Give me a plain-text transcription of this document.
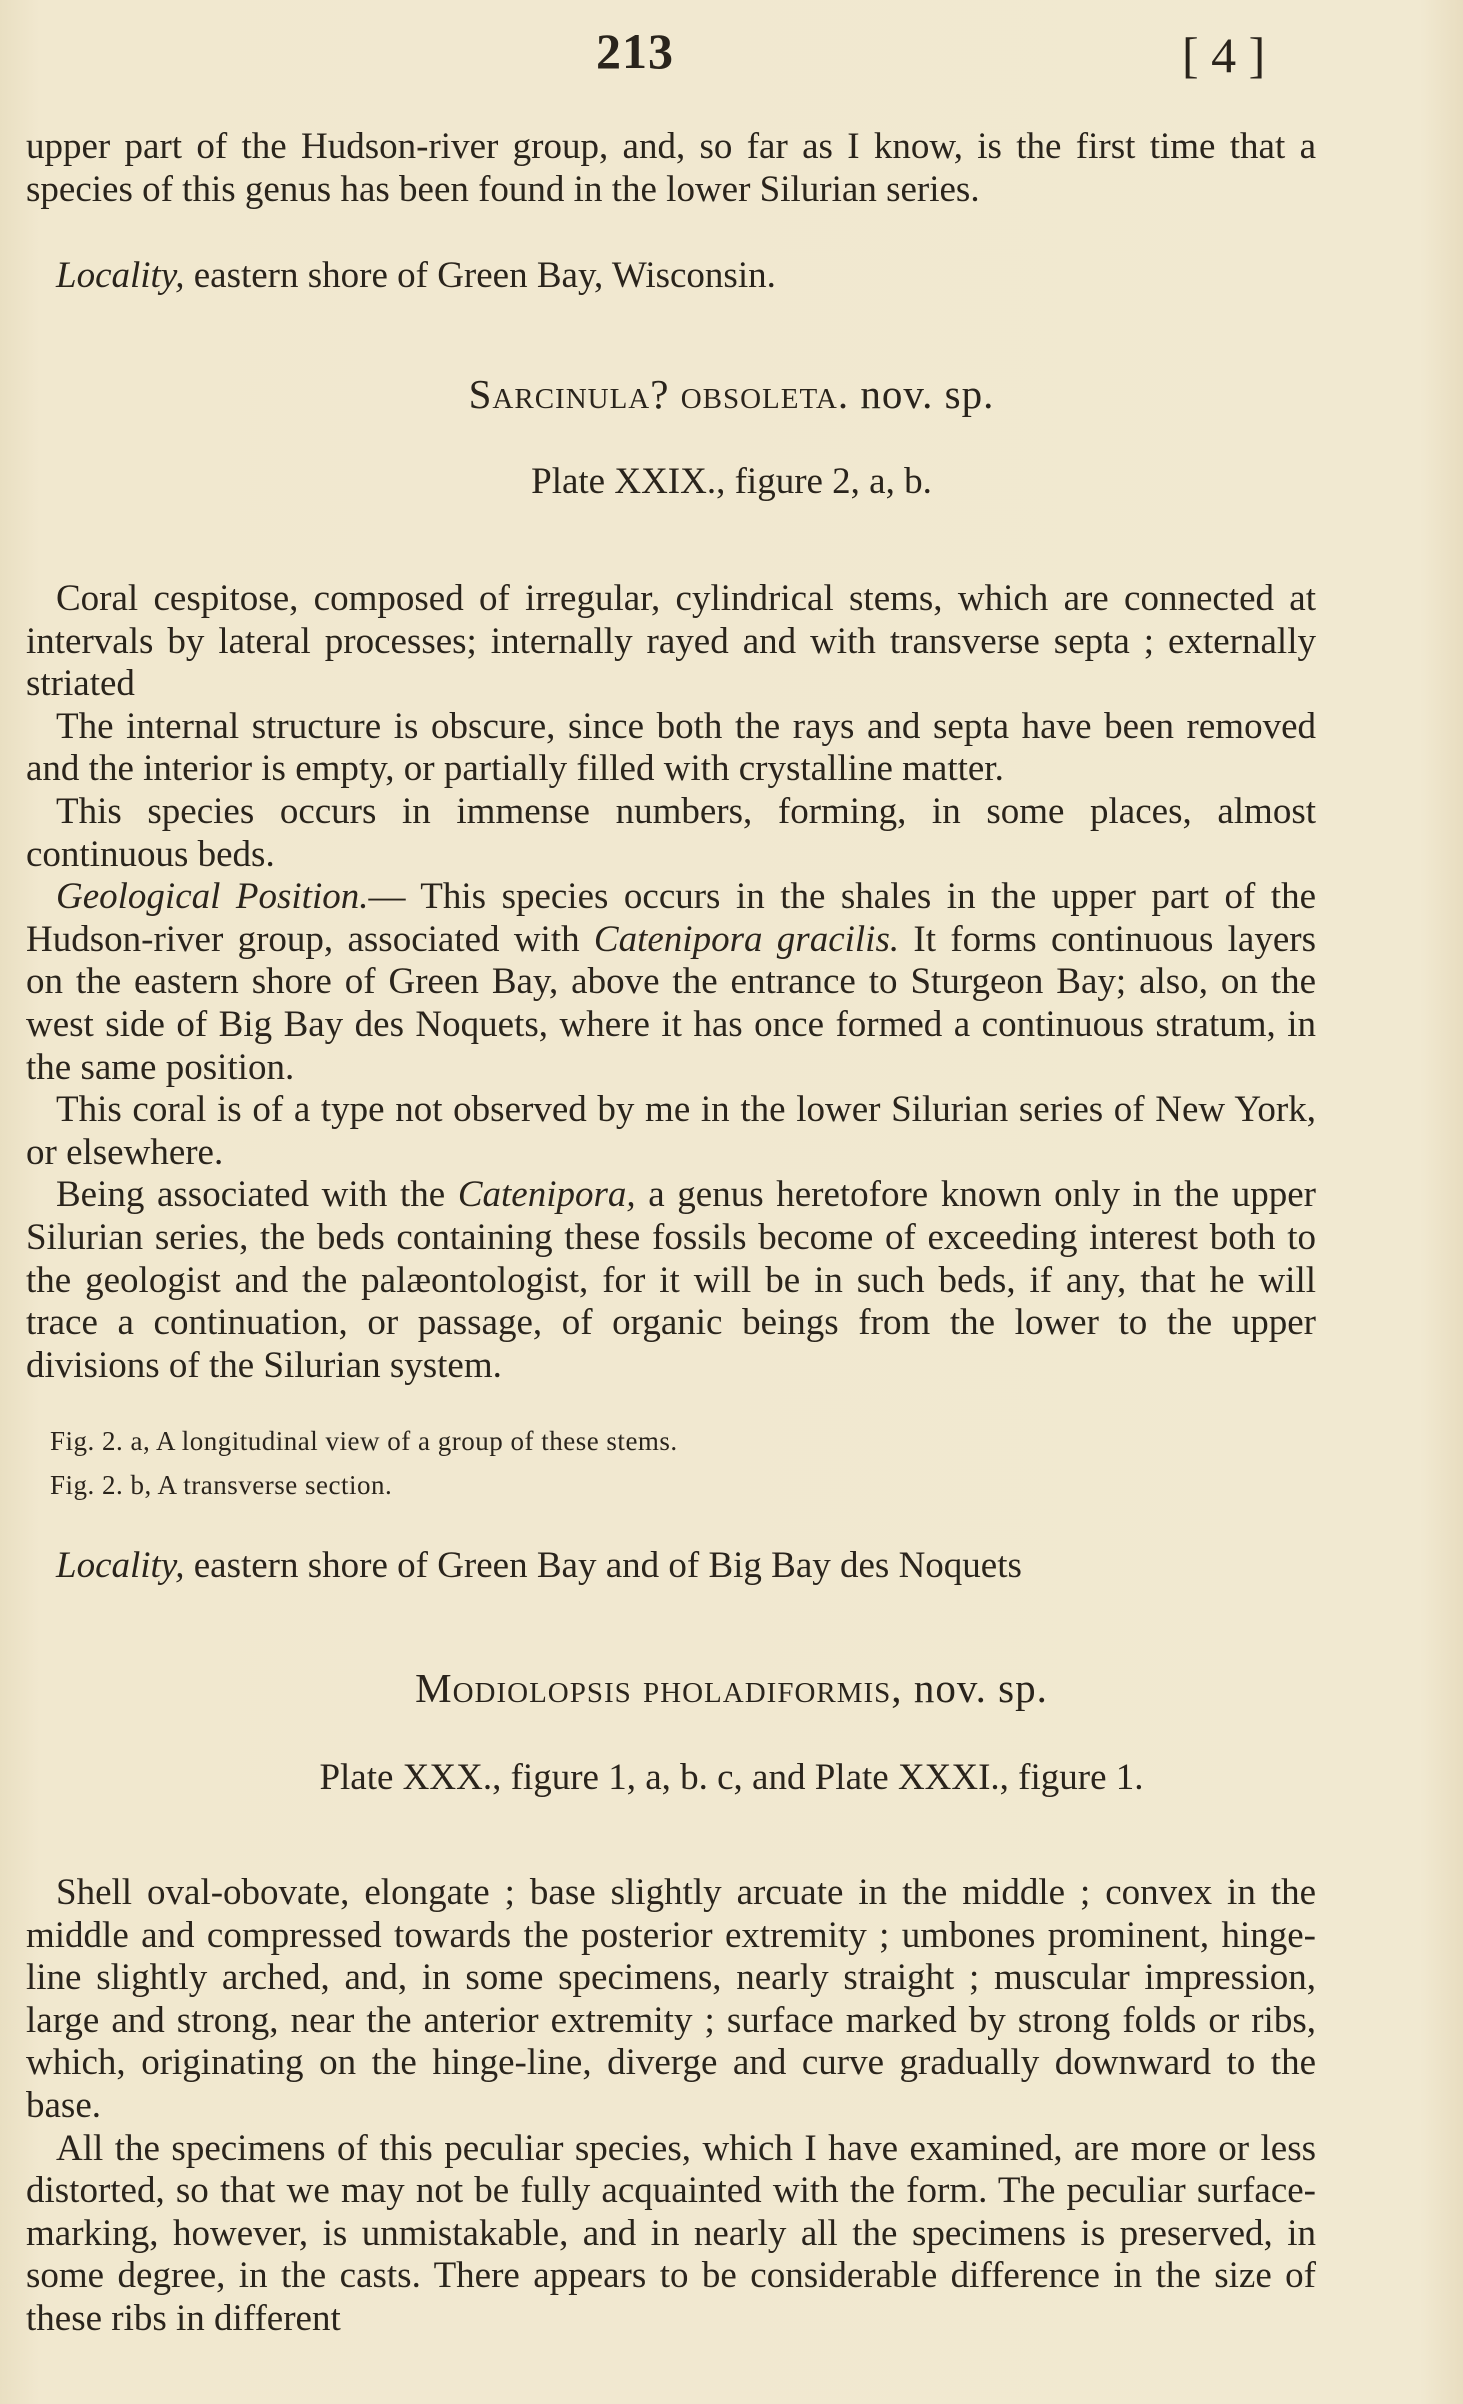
213	[ 4 ]

upper part of the Hudson-river group, and, so far as I know, is the first time that a species of this genus has been found in the lower Silurian series.

Locality, eastern shore of Green Bay, Wisconsin.

Sarcinula? obsoleta. nov. sp.
Plate XXIX., figure 2, a, b.

Coral cespitose, composed of irregular, cylindrical stems, which are connected at intervals by lateral processes; internally rayed and with transverse septa ; externally striated

The internal structure is obscure, since both the rays and septa have been removed and the interior is empty, or partially filled with crystalline matter.

This species occurs in immense numbers, forming, in some places, almost continuous beds.

Geological Position.— This species occurs in the shales in the upper part of the Hudson-river group, associated with Catenipora gracilis. It forms continuous layers on the eastern shore of Green Bay, above the entrance to Sturgeon Bay; also, on the west side of Big Bay des Noquets, where it has once formed a continuous stratum, in the same position.

This coral is of a type not observed by me in the lower Silurian series of New York, or elsewhere.

Being associated with the Catenipora, a genus heretofore known only in the upper Silurian series, the beds containing these fossils become of exceeding interest both to the geologist and the palæontologist, for it will be in such beds, if any, that he will trace a continuation, or passage, of organic beings from the lower to the upper divisions of the Silurian system.

Fig. 2. a, A longitudinal view of a group of these stems.
Fig. 2. b, A transverse section.

Locality, eastern shore of Green Bay and of Big Bay des Noquets

Modiolopsis pholadiformis, nov. sp.
Plate XXX., figure 1, a, b. c, and Plate XXXI., figure 1.

Shell oval-obovate, elongate ; base slightly arcuate in the middle ; convex in the middle and compressed towards the posterior extremity ; umbones prominent, hinge-line slightly arched, and, in some specimens, nearly straight ; muscular impression, large and strong, near the anterior extremity ; surface marked by strong folds or ribs, which, originating on the hinge-line, diverge and curve gradually downward to the base.

All the specimens of this peculiar species, which I have examined, are more or less distorted, so that we may not be fully acquainted with the form. The peculiar surface-marking, however, is unmistakable, and in nearly all the specimens is preserved, in some degree, in the casts. There appears to be considerable difference in the size of these ribs in different
